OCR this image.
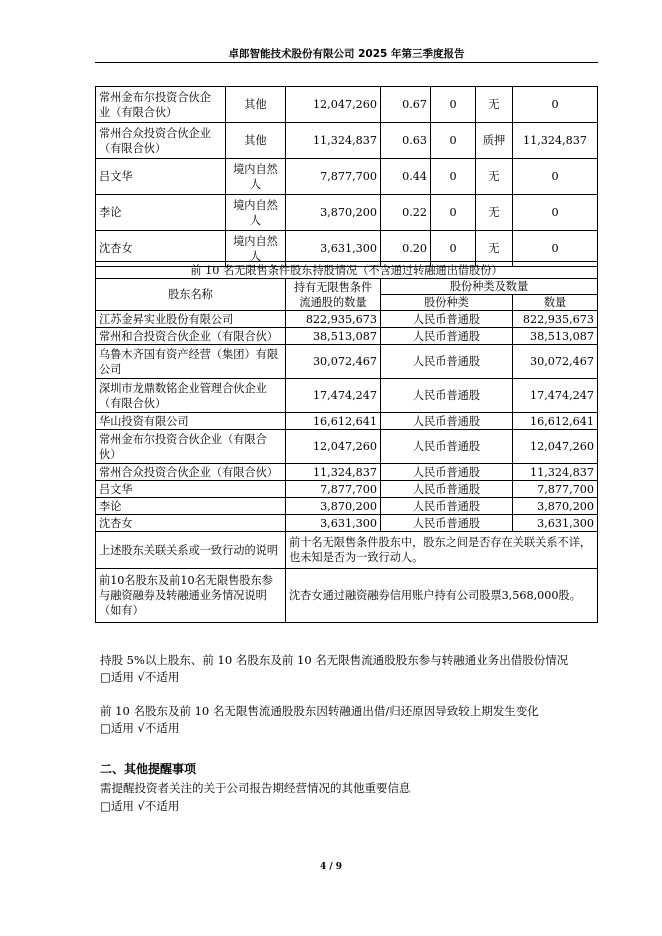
卓郎智能技术股份有限公司 2025 年第三季度报告
常州金布尔投资合伙企业（有限合伙）	其他	12,047,260	0.67	0	无	0
常州合众投资合伙企业（有限合伙）	其他	11,324,837	0.63	0	质押	11,324,837
吕文华	境内自然人	7,877,700	0.44	0	无	0
李论	境内自然人	3,870,200	0.22	0	无	0
沈杏女	境内自然人	3,631,300	0.20	0	无	0
前 10 名无限售条件股东持股情况（不含通过转融通出借股份）			
股东名称	持有无限售条件流通股的数量	股份种类及数量	
		股份种类	数量
江苏金昇实业股份有限公司	822,935,673	人民币普通股	822,935,673
常州和合投资合伙企业（有限合伙）	38,513,087	人民币普通股	38,513,087
乌鲁木齐国有资产经营（集团）有限公司	30,072,467	人民币普通股	30,072,467
深圳市龙鼎数铭企业管理合伙企业（有限合伙）	17,474,247	人民币普通股	17,474,247
华山投资有限公司	16,612,641	人民币普通股	16,612,641
常州金布尔投资合伙企业（有限合伙）	12,047,260	人民币普通股	12,047,260
常州合众投资合伙企业（有限合伙）	11,324,837	人民币普通股	11,324,837
吕文华	7,877,700	人民币普通股	7,877,700
李论	3,870,200	人民币普通股	3,870,200
沈杏女	3,631,300	人民币普通股	3,631,300
上述股东关联关系或一致行动的说明	前十名无限售条件股东中，股东之间是否存在关联关系不详，也未知是否为一致行动人。		
前10名股东及前10名无限售股东参与融资融券及转融通业务情况说明（如有）	沈杏女通过融资融券信用账户持有公司股票3,568,000股。		
持股 5%以上股东、前 10 名股东及前 10 名无限售流通股股东参与转融通业务出借股份情况
□适用 √不适用
前 10 名股东及前 10 名无限售流通股股东因转融通出借/归还原因导致较上期发生变化
□适用 √不适用
二、其他提醒事项
需提醒投资者关注的关于公司报告期经营情况的其他重要信息
□适用 √不适用
4 / 9
